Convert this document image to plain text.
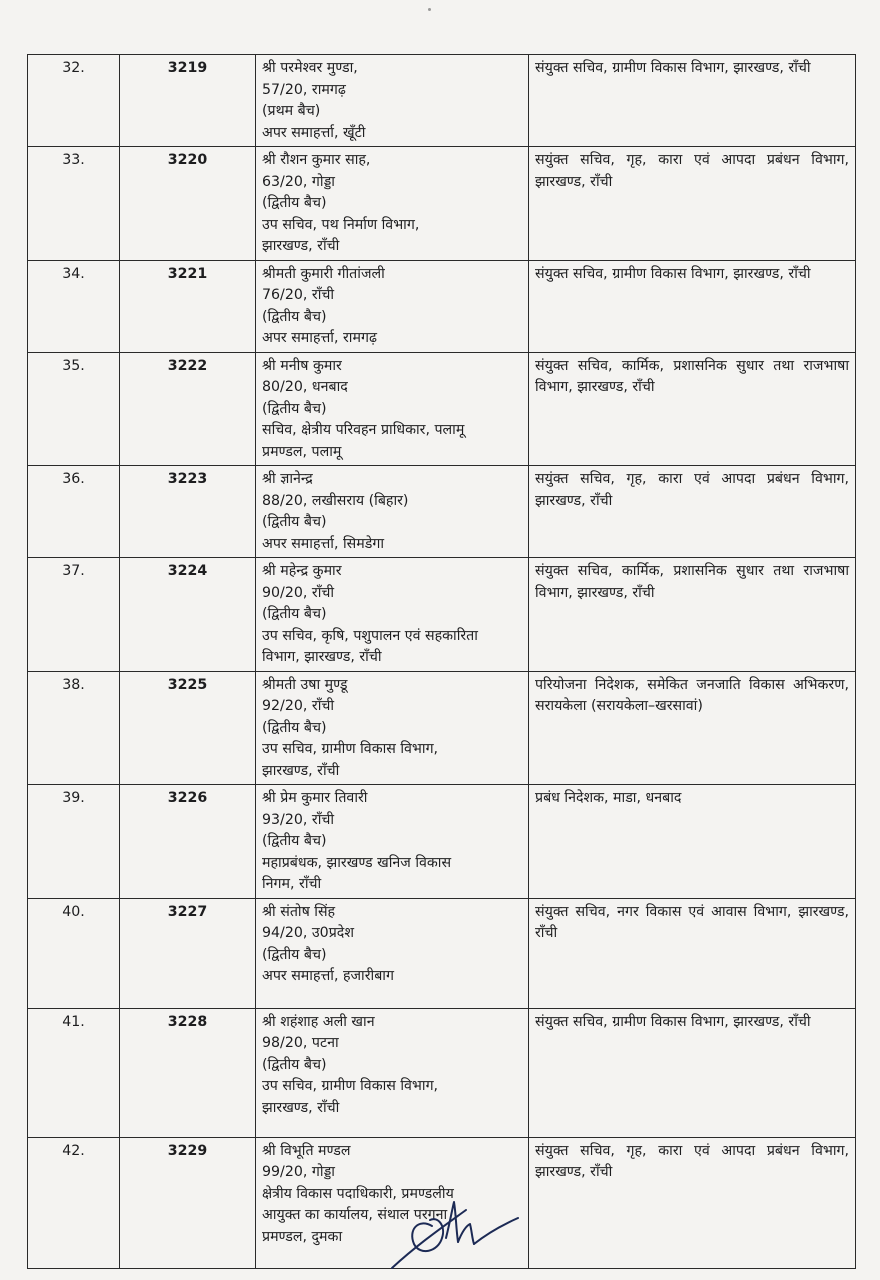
32.	3219	श्री परमेश्वर मुण्डा,
57/20, रामगढ़
(प्रथम बैच)
अपर समाहर्त्ता, खूँटी	संयुक्त सचिव, ग्रामीण विकास विभाग, झारखण्ड, राँची
33.	3220	श्री रौशन कुमार साह,
63/20, गोड्डा
(द्वितीय बैच)
उप सचिव, पथ निर्माण विभाग,
झारखण्ड, राँची	सयुंक्त सचिव, गृह, कारा एवं आपदा प्रबंधन विभाग, झारखण्ड, राँची
34.	3221	श्रीमती कुमारी गीतांजली
76/20, राँची
(द्वितीय बैच)
अपर समाहर्त्ता, रामगढ़	संयुक्त सचिव, ग्रामीण विकास विभाग, झारखण्ड, राँची
35.	3222	श्री मनीष कुमार
80/20, धनबाद
(द्वितीय बैच)
सचिव, क्षेत्रीय परिवहन प्राधिकार, पलामू
प्रमण्डल, पलामू	संयुक्त सचिव, कार्मिक, प्रशासनिक सुधार तथा राजभाषा विभाग, झारखण्ड, राँची
36.	3223	श्री ज्ञानेन्द्र
88/20, लखीसराय (बिहार)
(द्वितीय बैच)
अपर समाहर्त्ता, सिमडेगा	सयुंक्त सचिव, गृह, कारा एवं आपदा प्रबंधन विभाग, झारखण्ड, राँची
37.	3224	श्री महेन्द्र कुमार
90/20, राँची
(द्वितीय बैच)
उप सचिव, कृषि, पशुपालन एवं सहकारिता
विभाग, झारखण्ड, राँची	संयुक्त सचिव, कार्मिक, प्रशासनिक सुधार तथा राजभाषा विभाग, झारखण्ड, राँची
38.	3225	श्रीमती उषा मुण्डू
92/20, राँची
(द्वितीय बैच)
उप सचिव, ग्रामीण विकास विभाग,
झारखण्ड, राँची	परियोजना निदेशक, समेकित जनजाति विकास अभिकरण, सरायकेला (सरायकेला–खरसावां)
39.	3226	श्री प्रेम कुमार तिवारी
93/20, राँची
(द्वितीय बैच)
महाप्रबंधक, झारखण्ड खनिज विकास
निगम, राँची	प्रबंध निदेशक, माडा, धनबाद
40.	3227	श्री संतोष सिंह
94/20, उ0प्रदेश
(द्वितीय बैच)
अपर समाहर्त्ता, हजारीबाग	संयुक्त सचिव, नगर विकास एवं आवास विभाग, झारखण्ड, राँची
41.	3228	श्री शहंशाह अली खान
98/20, पटना
(द्वितीय बैच)
उप सचिव, ग्रामीण विकास विभाग,
झारखण्ड, राँची	संयुक्त सचिव, ग्रामीण विकास विभाग, झारखण्ड, राँची
42.	3229	श्री विभूति मण्डल
99/20, गोड्डा
क्षेत्रीय विकास पदाधिकारी, प्रमण्डलीय
आयुक्त का कार्यालय, संथाल परगना
प्रमण्डल, दुमका	संयुक्त सचिव, गृह, कारा एवं आपदा प्रबंधन विभाग, झारखण्ड, राँची
